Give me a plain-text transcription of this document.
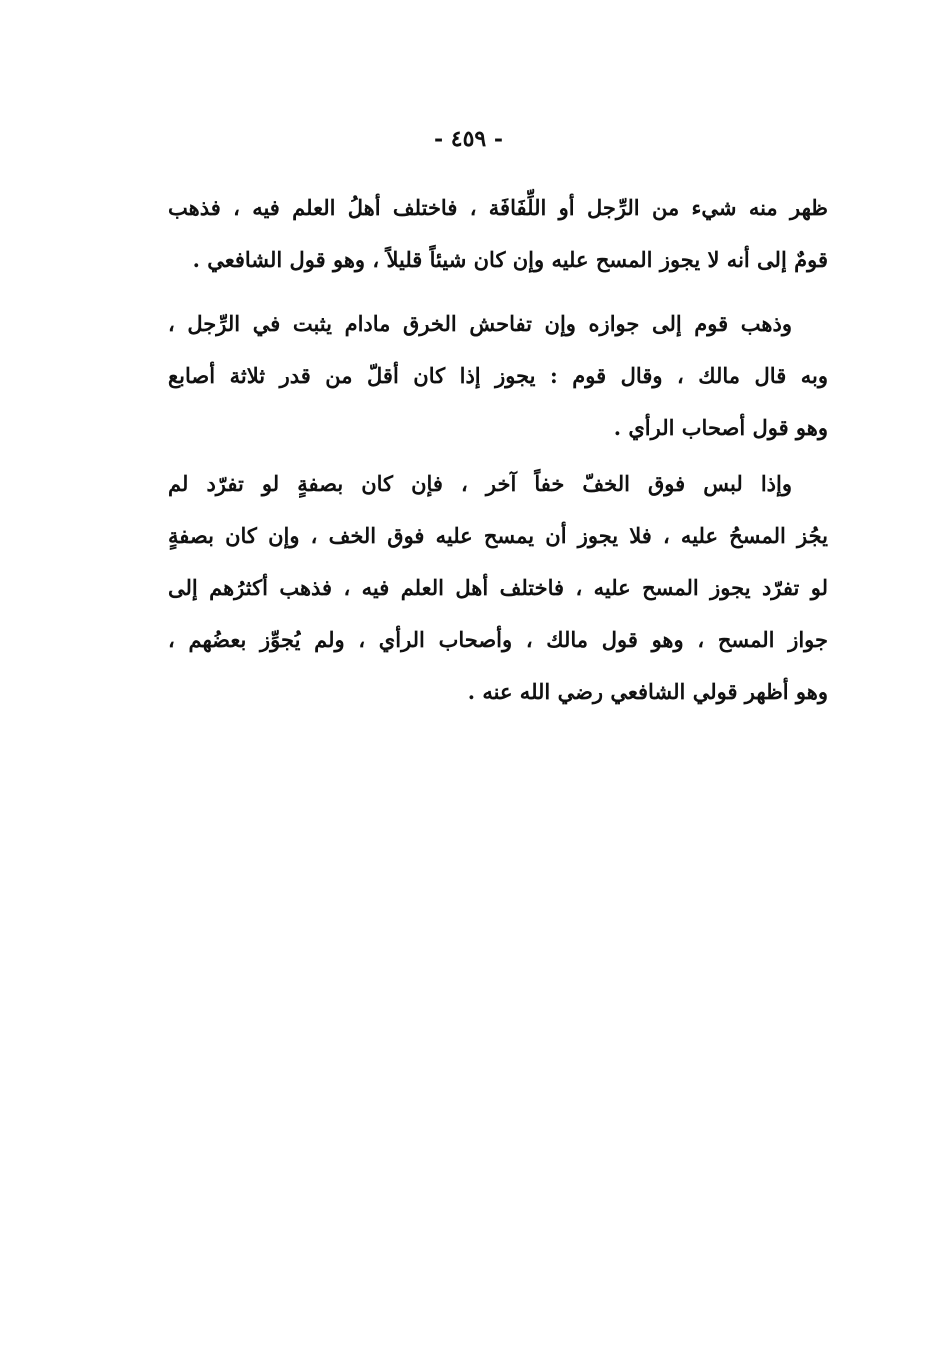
- ٤٥٩ -
ظهر منه شيء من الرِّجل أو اللِّفَافَة ، فاختلف أهلُ العلم فيه ، فذهب
قومٌ إلى أنه لا يجوز المسح عليه وإن كان شيئاً قليلاً ، وهو قول الشافعي .
وذهب قوم إلى جوازه وإن تفاحش الخرق مادام يثبت في الرِّجل ،
وبه قال مالك ، وقال قوم : يجوز إذا كان أقلّ من قدر ثلاثة أصابع
وهو قول أصحاب الرأي .
وإذا لبس فوق الخفّ خفاً آخر ، فإن كان بصفةٍ لو تفرّد لم
يجُز المسحُ عليه ، فلا يجوز أن يمسح عليه فوق الخف ، وإن كان بصفةٍ
لو تفرّد يجوز المسح عليه ، فاختلف أهل العلم فيه ، فذهب أكثرُهم إلى
جواز المسح ، وهو قول مالك ، وأصحاب الرأي ، ولم يُجوِّز بعضُهم ،
وهو أظهر قولي الشافعي رضي الله عنه .
